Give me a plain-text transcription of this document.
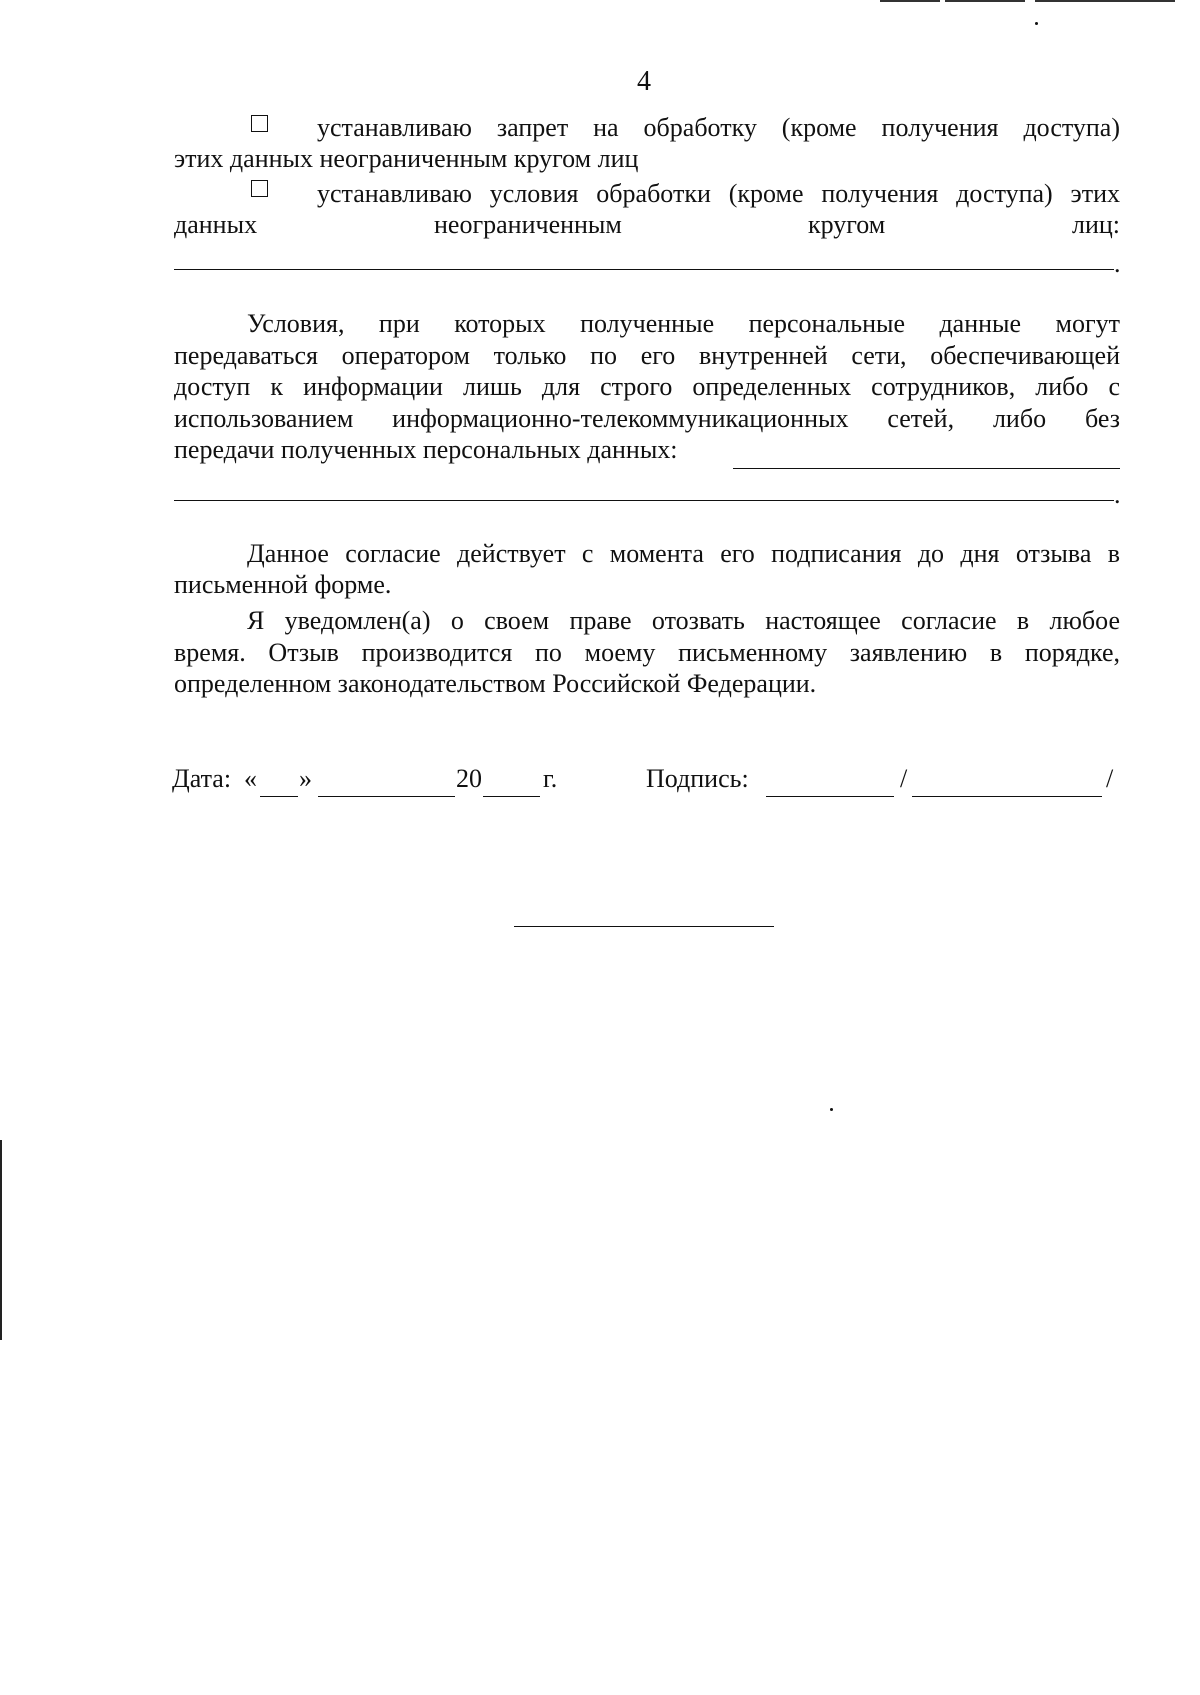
4
устанавливаю запрет на обработку (кроме получения доступа)
этих данных неограниченным кругом лиц
устанавливаю условия обработки (кроме получения доступа) этих
данных	неограниченным	кругом	лиц:
.
Условия, при которых полученные персональные данные могут
передаваться оператором только по его внутренней сети, обеспечивающей
доступ к информации лишь для строго определенных сотрудников, либо с
использованием информационно-телекоммуникационных сетей, либо без
передачи полученных персональных данных:
.
Данное согласие действует с момента его подписания до дня отзыва в
письменной форме.
Я уведомлен(а) о своем праве отозвать настоящее согласие в любое
время. Отзыв производится по моему письменному заявлению в порядке,
определенном законодательством Российской Федерации.
Дата: « »	20 г.	Подпись:	/	/
